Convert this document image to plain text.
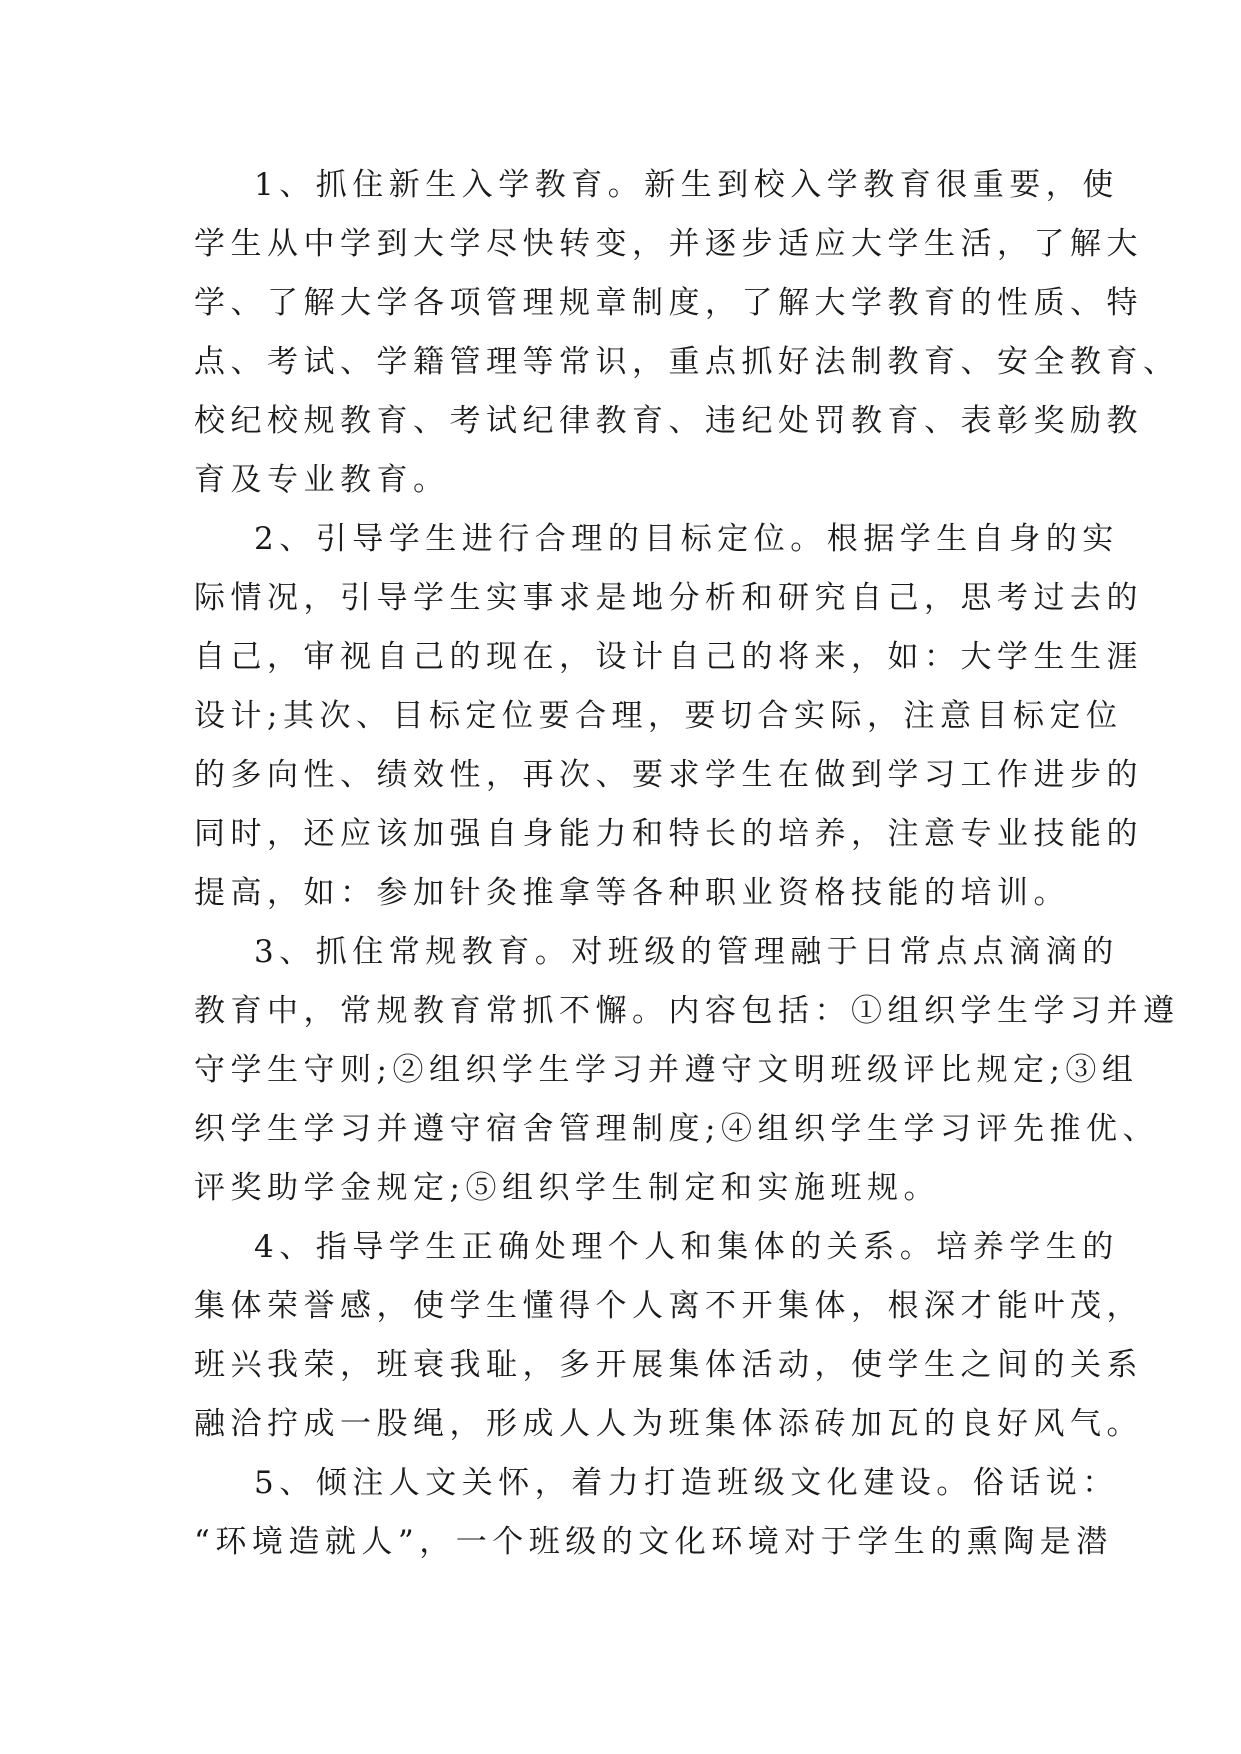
1、抓住新生入学教育。新生到校入学教育很重要，使
学生从中学到大学尽快转变，并逐步适应大学生活，了解大
学、了解大学各项管理规章制度，了解大学教育的性质、特
点、考试、学籍管理等常识，重点抓好法制教育、安全教育、
校纪校规教育、考试纪律教育、违纪处罚教育、表彰奖励教
育及专业教育。
2、引导学生进行合理的目标定位。根据学生自身的实
际情况，引导学生实事求是地分析和研究自己，思考过去的
自己，审视自己的现在，设计自己的将来，如：大学生生涯
设计;其次、目标定位要合理，要切合实际，注意目标定位
的多向性、绩效性，再次、要求学生在做到学习工作进步的
同时，还应该加强自身能力和特长的培养，注意专业技能的
提高，如：参加针灸推拿等各种职业资格技能的培训。
3、抓住常规教育。对班级的管理融于日常点点滴滴的
教育中，常规教育常抓不懈。内容包括：①组织学生学习并遵
守学生守则;②组织学生学习并遵守文明班级评比规定;③组
织学生学习并遵守宿舍管理制度;④组织学生学习评先推优、
评奖助学金规定;⑤组织学生制定和实施班规。
4、指导学生正确处理个人和集体的关系。培养学生的
集体荣誉感，使学生懂得个人离不开集体，根深才能叶茂，
班兴我荣，班衰我耻，多开展集体活动，使学生之间的关系
融洽拧成一股绳，形成人人为班集体添砖加瓦的良好风气。
5、倾注人文关怀，着力打造班级文化建设。俗话说：
“环境造就人”，一个班级的文化环境对于学生的熏陶是潜
